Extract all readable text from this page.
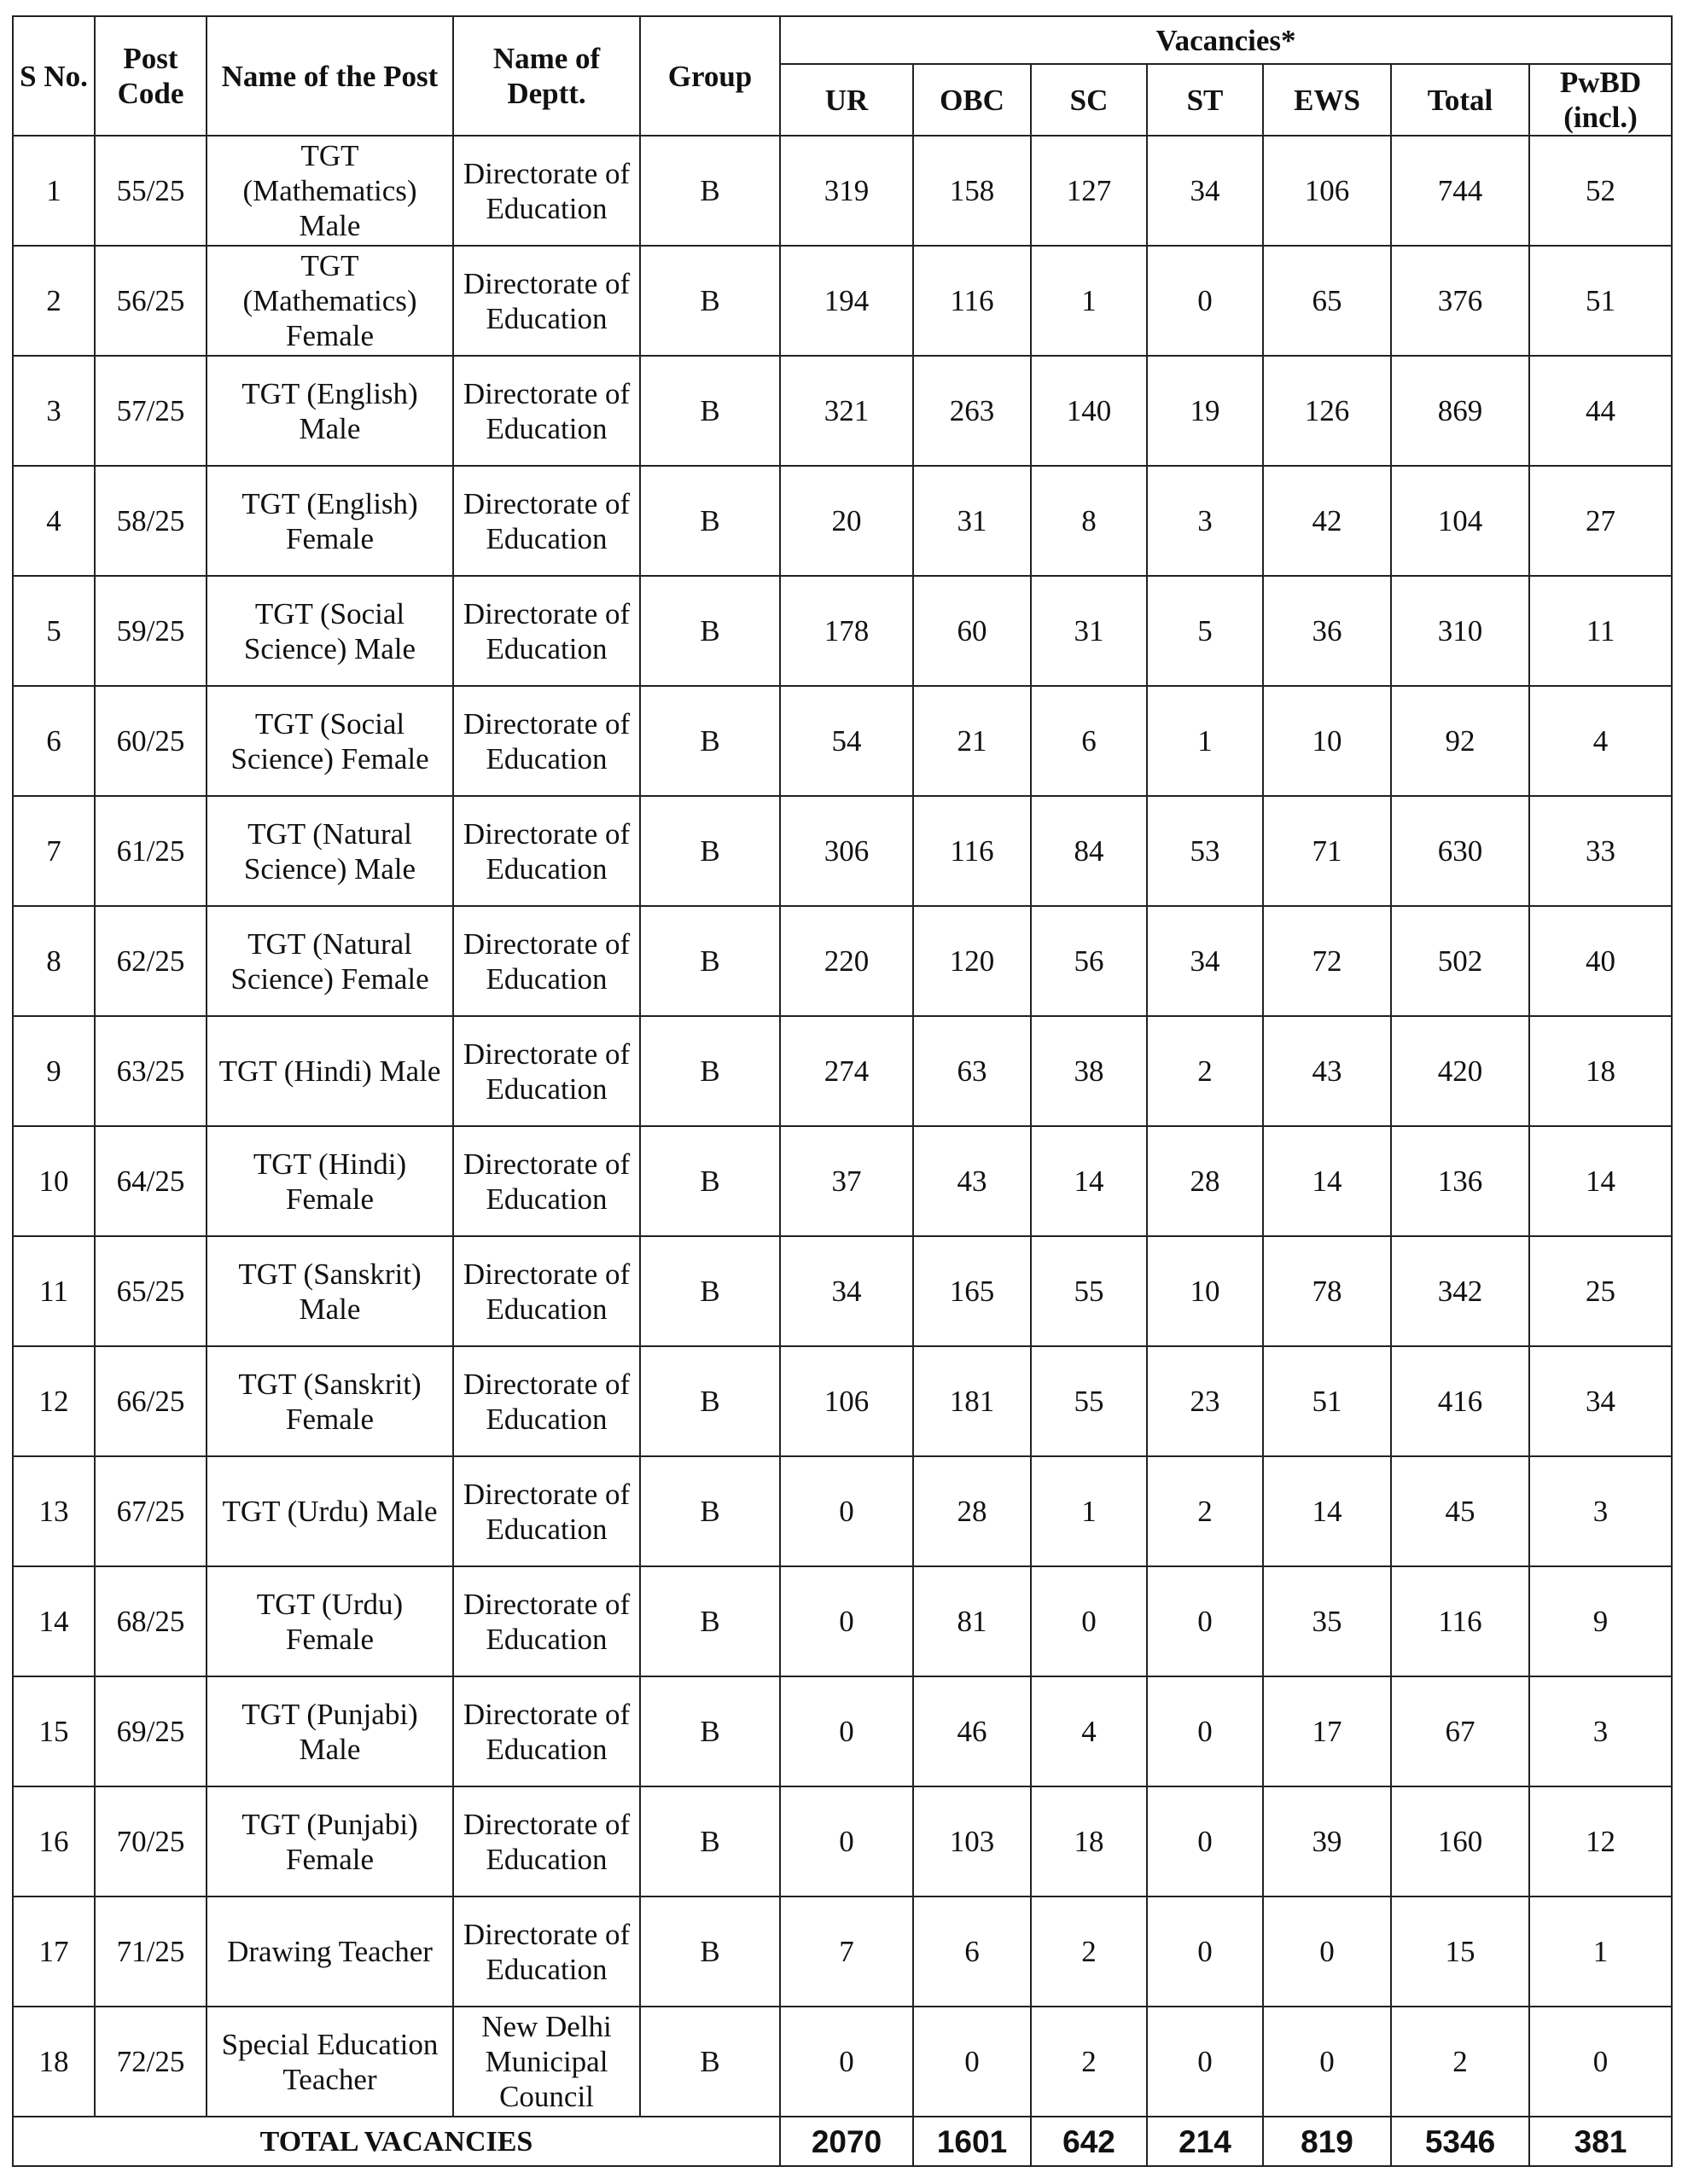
S No.	Post Code	Name of the Post	Name of Deptt.	Group	Vacancies*						
					UR	OBC	SC	ST	EWS	Total	PwBD (incl.)
1	55/25	TGT (Mathematics) Male	Directorate of Education	B	319	158	127	34	106	744	52
2	56/25	TGT (Mathematics) Female	Directorate of Education	B	194	116	1	0	65	376	51
3	57/25	TGT (English) Male	Directorate of Education	B	321	263	140	19	126	869	44
4	58/25	TGT (English) Female	Directorate of Education	B	20	31	8	3	42	104	27
5	59/25	TGT (Social Science) Male	Directorate of Education	B	178	60	31	5	36	310	11
6	60/25	TGT (Social Science) Female	Directorate of Education	B	54	21	6	1	10	92	4
7	61/25	TGT (Natural Science) Male	Directorate of Education	B	306	116	84	53	71	630	33
8	62/25	TGT (Natural Science) Female	Directorate of Education	B	220	120	56	34	72	502	40
9	63/25	TGT (Hindi) Male	Directorate of Education	B	274	63	38	2	43	420	18
10	64/25	TGT (Hindi) Female	Directorate of Education	B	37	43	14	28	14	136	14
11	65/25	TGT (Sanskrit) Male	Directorate of Education	B	34	165	55	10	78	342	25
12	66/25	TGT (Sanskrit) Female	Directorate of Education	B	106	181	55	23	51	416	34
13	67/25	TGT (Urdu) Male	Directorate of Education	B	0	28	1	2	14	45	3
14	68/25	TGT (Urdu) Female	Directorate of Education	B	0	81	0	0	35	116	9
15	69/25	TGT (Punjabi) Male	Directorate of Education	B	0	46	4	0	17	67	3
16	70/25	TGT (Punjabi) Female	Directorate of Education	B	0	103	18	0	39	160	12
17	71/25	Drawing Teacher	Directorate of Education	B	7	6	2	0	0	15	1
18	72/25	Special Education Teacher	New Delhi Municipal Council	B	0	0	2	0	0	2	0
TOTAL VACANCIES					2070	1601	642	214	819	5346	381
